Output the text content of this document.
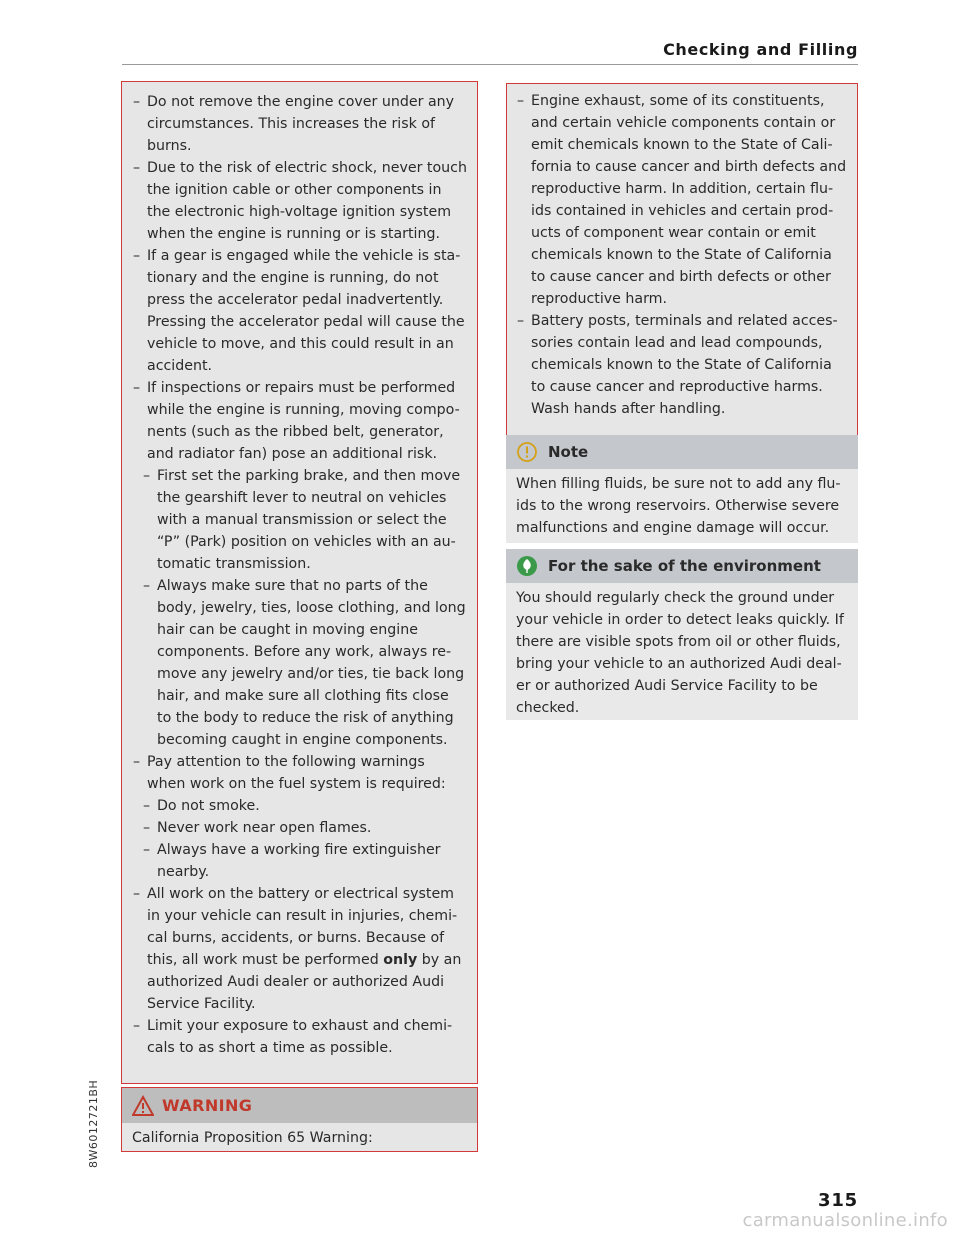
Checking and Filling
– Do not remove the engine cover under any circumstances. This increases the risk of burns.
– Due to the risk of electric shock, never touch the ignition cable or other components in the electronic high-voltage ignition system when the engine is running or is starting.
– If a gear is engaged while the vehicle is sta-tionary and the engine is running, do not press the accelerator pedal inadvertently. Pressing the accelerator pedal will cause the vehicle to move, and this could result in an accident.
– If inspections or repairs must be performed while the engine is running, moving compo-nents (such as the ribbed belt, generator, and radiator fan) pose an additional risk.
– First set the parking brake, and then move the gearshift lever to neutral on vehicles with a manual transmission or select the “P” (Park) position on vehicles with an au-tomatic transmission.
– Always make sure that no parts of the body, jewelry, ties, loose clothing, and long hair can be caught in moving engine components. Before any work, always re-move any jewelry and/or ties, tie back long hair, and make sure all clothing fits close to the body to reduce the risk of anything becoming caught in engine components.
– Pay attention to the following warnings when work on the fuel system is required:
– Do not smoke.
– Never work near open flames.
– Always have a working fire extinguisher nearby.
– All work on the battery or electrical system in your vehicle can result in injuries, chemi-cal burns, accidents, or burns. Because of this, all work must be performed only by an authorized Audi dealer or authorized Audi Service Facility.
– Limit your exposure to exhaust and chemi-cals to as short a time as possible.
WARNING
California Proposition 65 Warning:
– Engine exhaust, some of its constituents, and certain vehicle components contain or emit chemicals known to the State of Cali-fornia to cause cancer and birth defects and reproductive harm. In addition, certain flu-ids contained in vehicles and certain prod-ucts of component wear contain or emit chemicals known to the State of California to cause cancer and birth defects or other reproductive harm.
– Battery posts, terminals and related acces-sories contain lead and lead compounds, chemicals known to the State of California to cause cancer and reproductive harms. Wash hands after handling.
Note
When filling fluids, be sure not to add any flu-ids to the wrong reservoirs. Otherwise severe malfunctions and engine damage will occur.
For the sake of the environment
You should regularly check the ground under your vehicle in order to detect leaks quickly. If there are visible spots from oil or other fluids, bring your vehicle to an authorized Audi deal-er or authorized Audi Service Facility to be checked.
8W6012721BH
315
carmanualsonline.info
